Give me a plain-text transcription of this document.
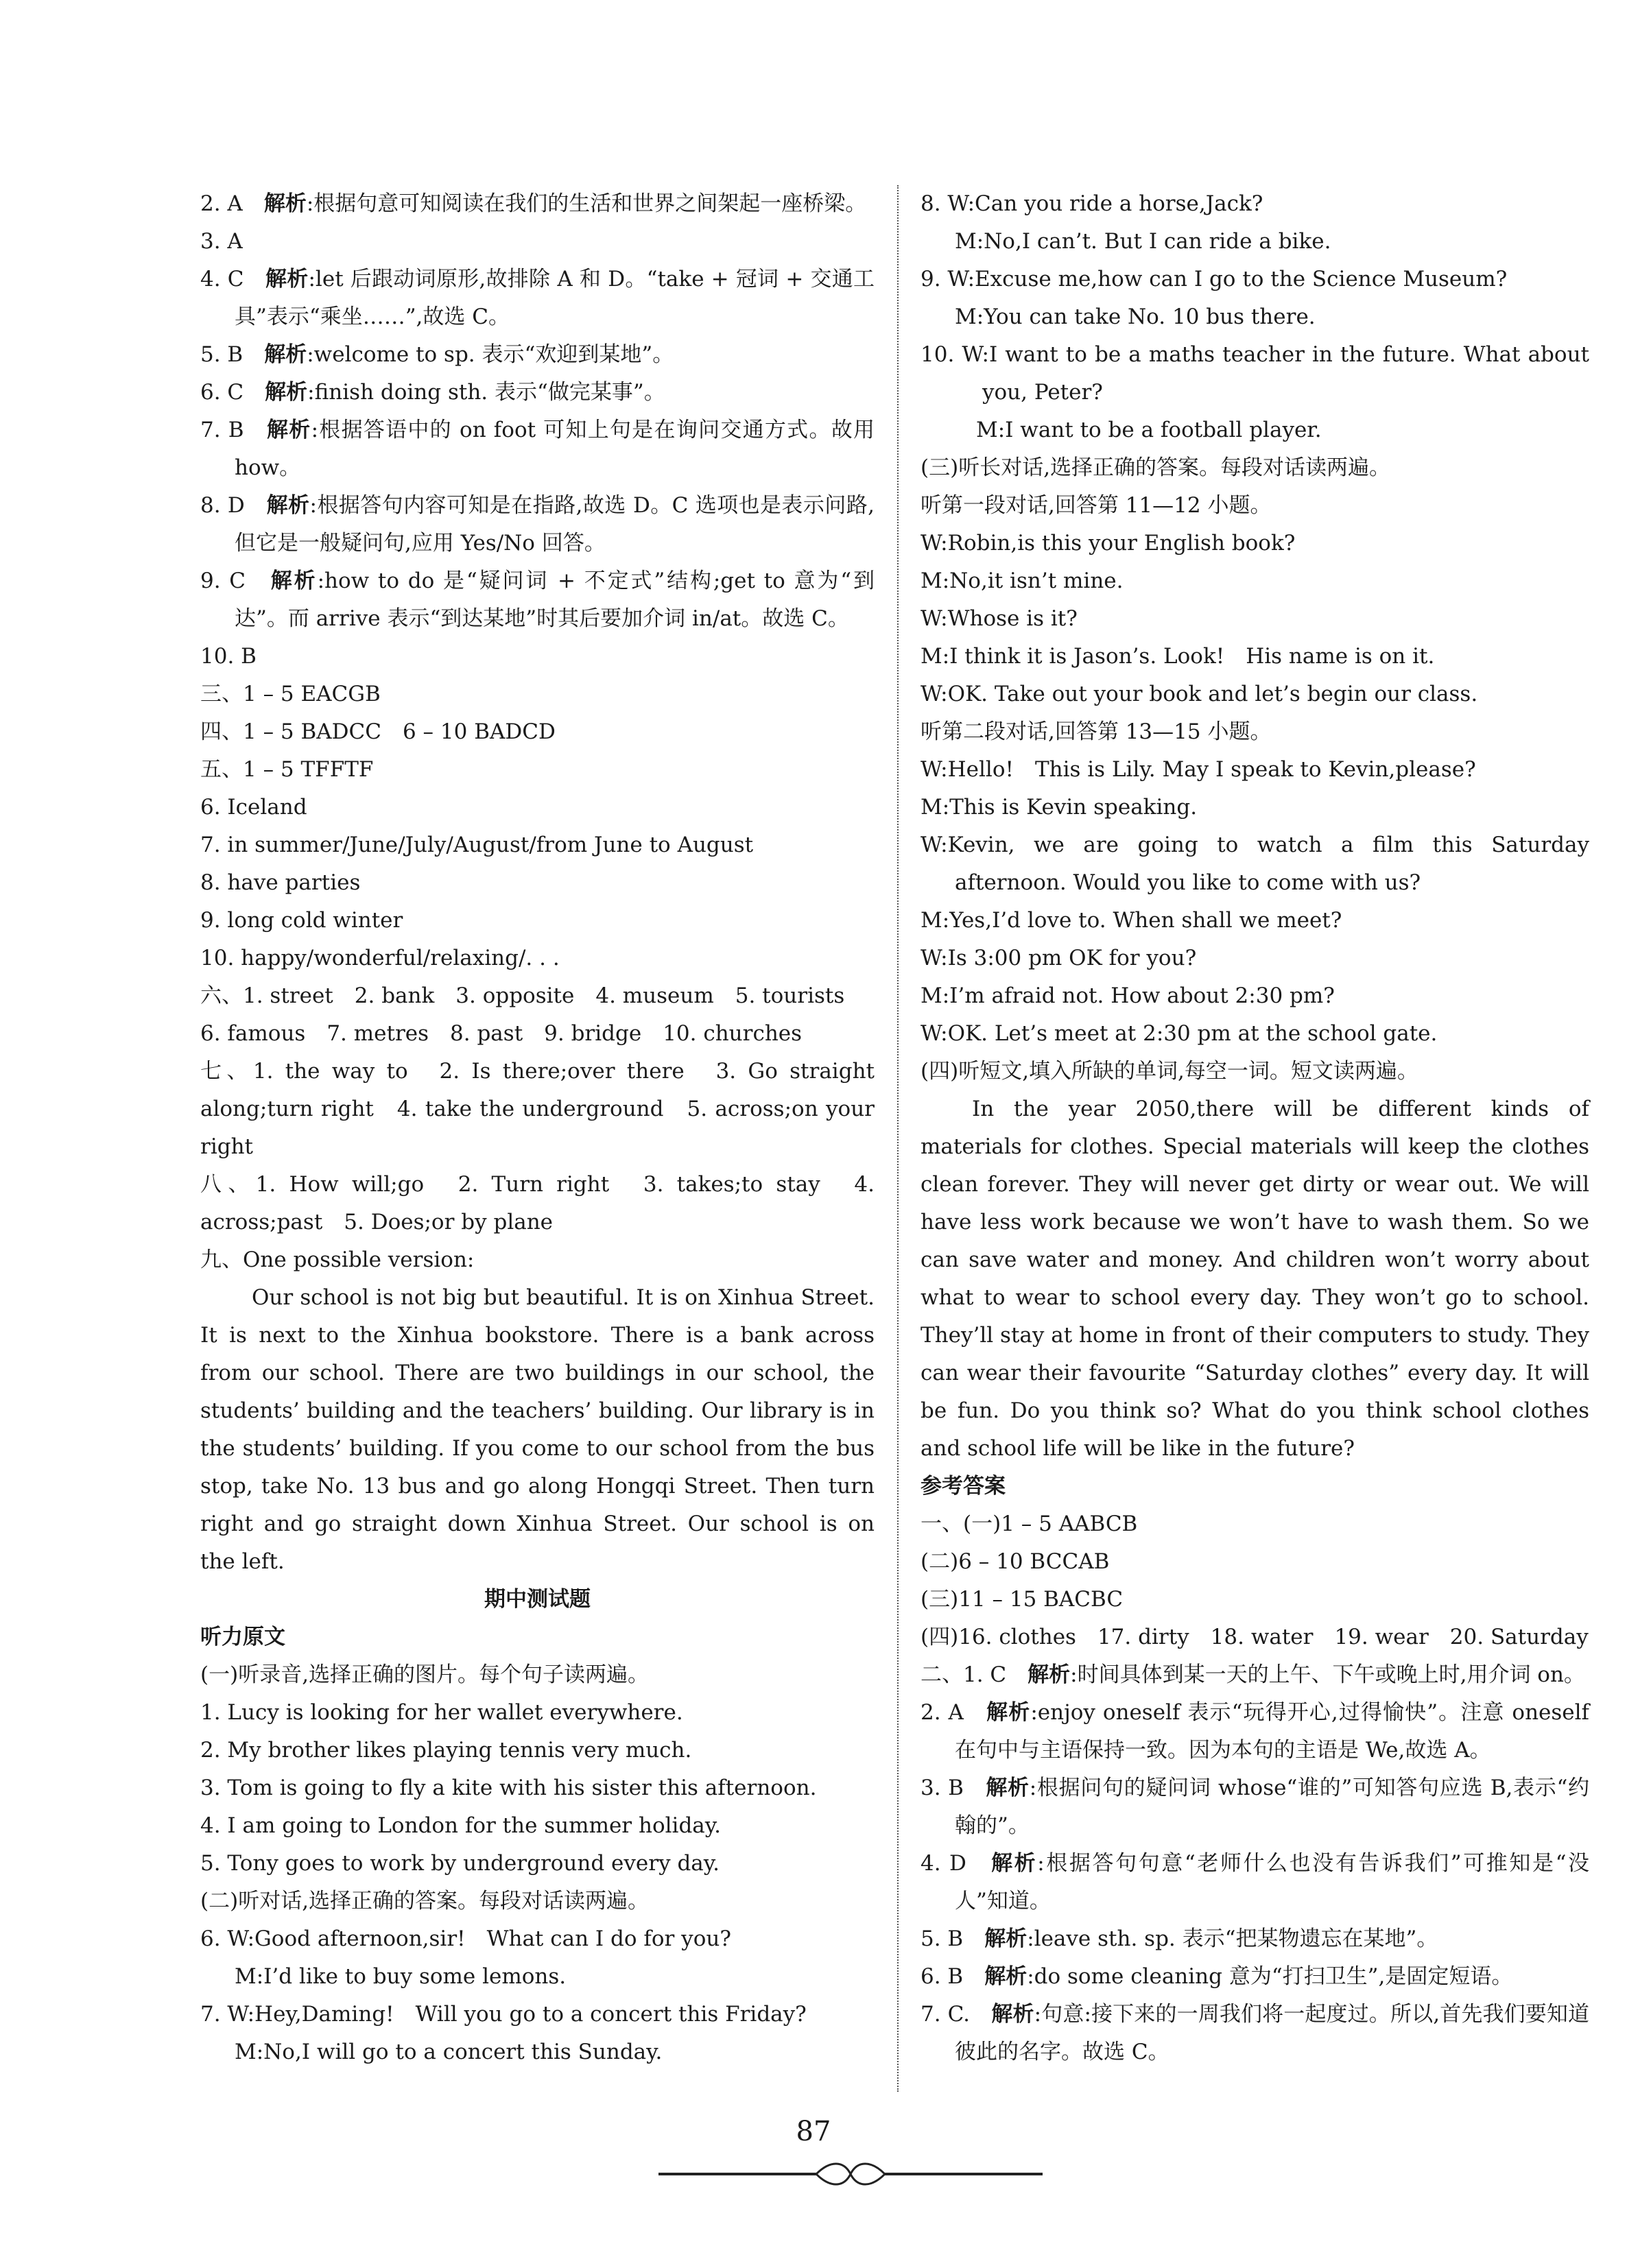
2. A　 解析:根据句意可知阅读在我们的生活和世界之间架起一座桥梁。

3. A

4. C　 解析:let 后跟动词原形,故排除 A 和 D。“take + 冠词 + 交通工具”表示“乘坐……”,故选 C。

5. B　 解析:welcome to sp. 表示“欢迎到某地”。

6. C　 解析:finish doing sth. 表示“做完某事”。

7. B　 解析:根据答语中的 on foot 可知上句是在询问交通方式。故用 how。

8. D　 解析:根据答句内容可知是在指路,故选 D。C 选项也是表示问路,但它是一般疑问句,应用 Yes/No 回答。

9. C　 解析:how to do 是“疑问词 + 不定式”结构;get to 意为“到达”。而 arrive 表示“到达某地”时其后要加介词 in/at。故选 C。

10. B

三、1 – 5 EACGB

四、1 – 5 BADCC　6 – 10 BADCD

五、1 – 5 TFFTF

6. Iceland

7. in summer/June/July/August/from June to August

8. have parties

9. long cold winter

10. happy/wonderful/relaxing/. . .

六、1. street　2. bank　3. opposite　4. museum　5. tourists

6. famous　7. metres　8. past　9. bridge　10. churches

七、1. the way to　2. Is there;over there　3. Go straight along;turn right　4. take the underground　5. across;on your right

八、1. How will;go　2. Turn right　3. takes;to stay　4. across;past　5. Does;or by plane

九、One possible version:

Our school is not big but beautiful. It is on Xinhua Street. It is next to the Xinhua bookstore. There is a bank across from our school. There are two buildings in our school, the students’ building and the teachers’ building. Our library is in the students’ building. If you come to our school from the bus stop, take No. 13 bus and go along Hongqi Street. Then turn right and go straight down Xinhua Street. Our school is on the left.

期中测试题

听力原文

(一)听录音,选择正确的图片。每个句子读两遍。

1. Lucy is looking for her wallet everywhere.

2. My brother likes playing tennis very much.

3. Tom is going to fly a kite with his sister this afternoon.

4. I am going to London for the summer holiday.

5. Tony goes to work by underground every day.

(二)听对话,选择正确的答案。每段对话读两遍。

6. W:Good afternoon,sir!　What can I do for you?

M:I’d like to buy some lemons.

7. W:Hey,Daming!　Will you go to a concert this Friday?

M:No,I will go to a concert this Sunday.

8. W:Can you ride a horse,Jack?

M:No,I can’t. But I can ride a bike.

9. W:Excuse me,how can I go to the Science Museum?

M:You can take No. 10 bus there.

10. W:I want to be a maths teacher in the future. What about you, Peter?

　M:I want to be a football player.

(三)听长对话,选择正确的答案。每段对话读两遍。

听第一段对话,回答第 11—12 小题。

W:Robin,is this your English book?

M:No,it isn’t mine.

W:Whose is it?

M:I think it is Jason’s. Look!　His name is on it.

W:OK. Take out your book and let’s begin our class.

听第二段对话,回答第 13—15 小题。

W:Hello!　This is Lily. May I speak to Kevin,please?

M:This is Kevin speaking.

W:Kevin, we are going to watch a film this Saturday afternoon. Would you like to come with us?

M:Yes,I’d love to. When shall we meet?

W:Is 3:00 pm OK for you?

M:I’m afraid not. How about 2:30 pm?

W:OK. Let’s meet at 2:30 pm at the school gate.

(四)听短文,填入所缺的单词,每空一词。短文读两遍。

In the year 2050,there will be different kinds of materials for clothes. Special materials will keep the clothes clean forever. They will never get dirty or wear out. We will have less work because we won’t have to wash them. So we can save water and money. And children won’t worry about what to wear to school every day. They won’t go to school. They’ll stay at home in front of their computers to study. They can wear their favourite “Saturday clothes” every day. It will be fun. Do you think so? What do you think school clothes and school life will be like in the future?

参考答案

一、(一)1 – 5 AABCB

(二)6 – 10 BCCAB

(三)11 – 15 BACBC

(四)16. clothes　17. dirty　18. water　19. wear　20. Saturday

二、1. C　 解析:时间具体到某一天的上午、下午或晚上时,用介词 on。

2. A　 解析:enjoy oneself 表示“玩得开心,过得愉快”。注意 oneself 在句中与主语保持一致。因为本句的主语是 We,故选 A。

3. B　 解析:根据问句的疑问词 whose“谁的”可知答句应选 B,表示“约翰的”。

4. D　 解析:根据答句句意“老师什么也没有告诉我们”可推知是“没人”知道。

5. B　 解析:leave sth. sp. 表示“把某物遗忘在某地”。

6. B　 解析:do some cleaning 意为“打扫卫生”,是固定短语。

7. C.　 解析:句意:接下来的一周我们将一起度过。所以,首先我们要知道彼此的名字。故选 C。

87
